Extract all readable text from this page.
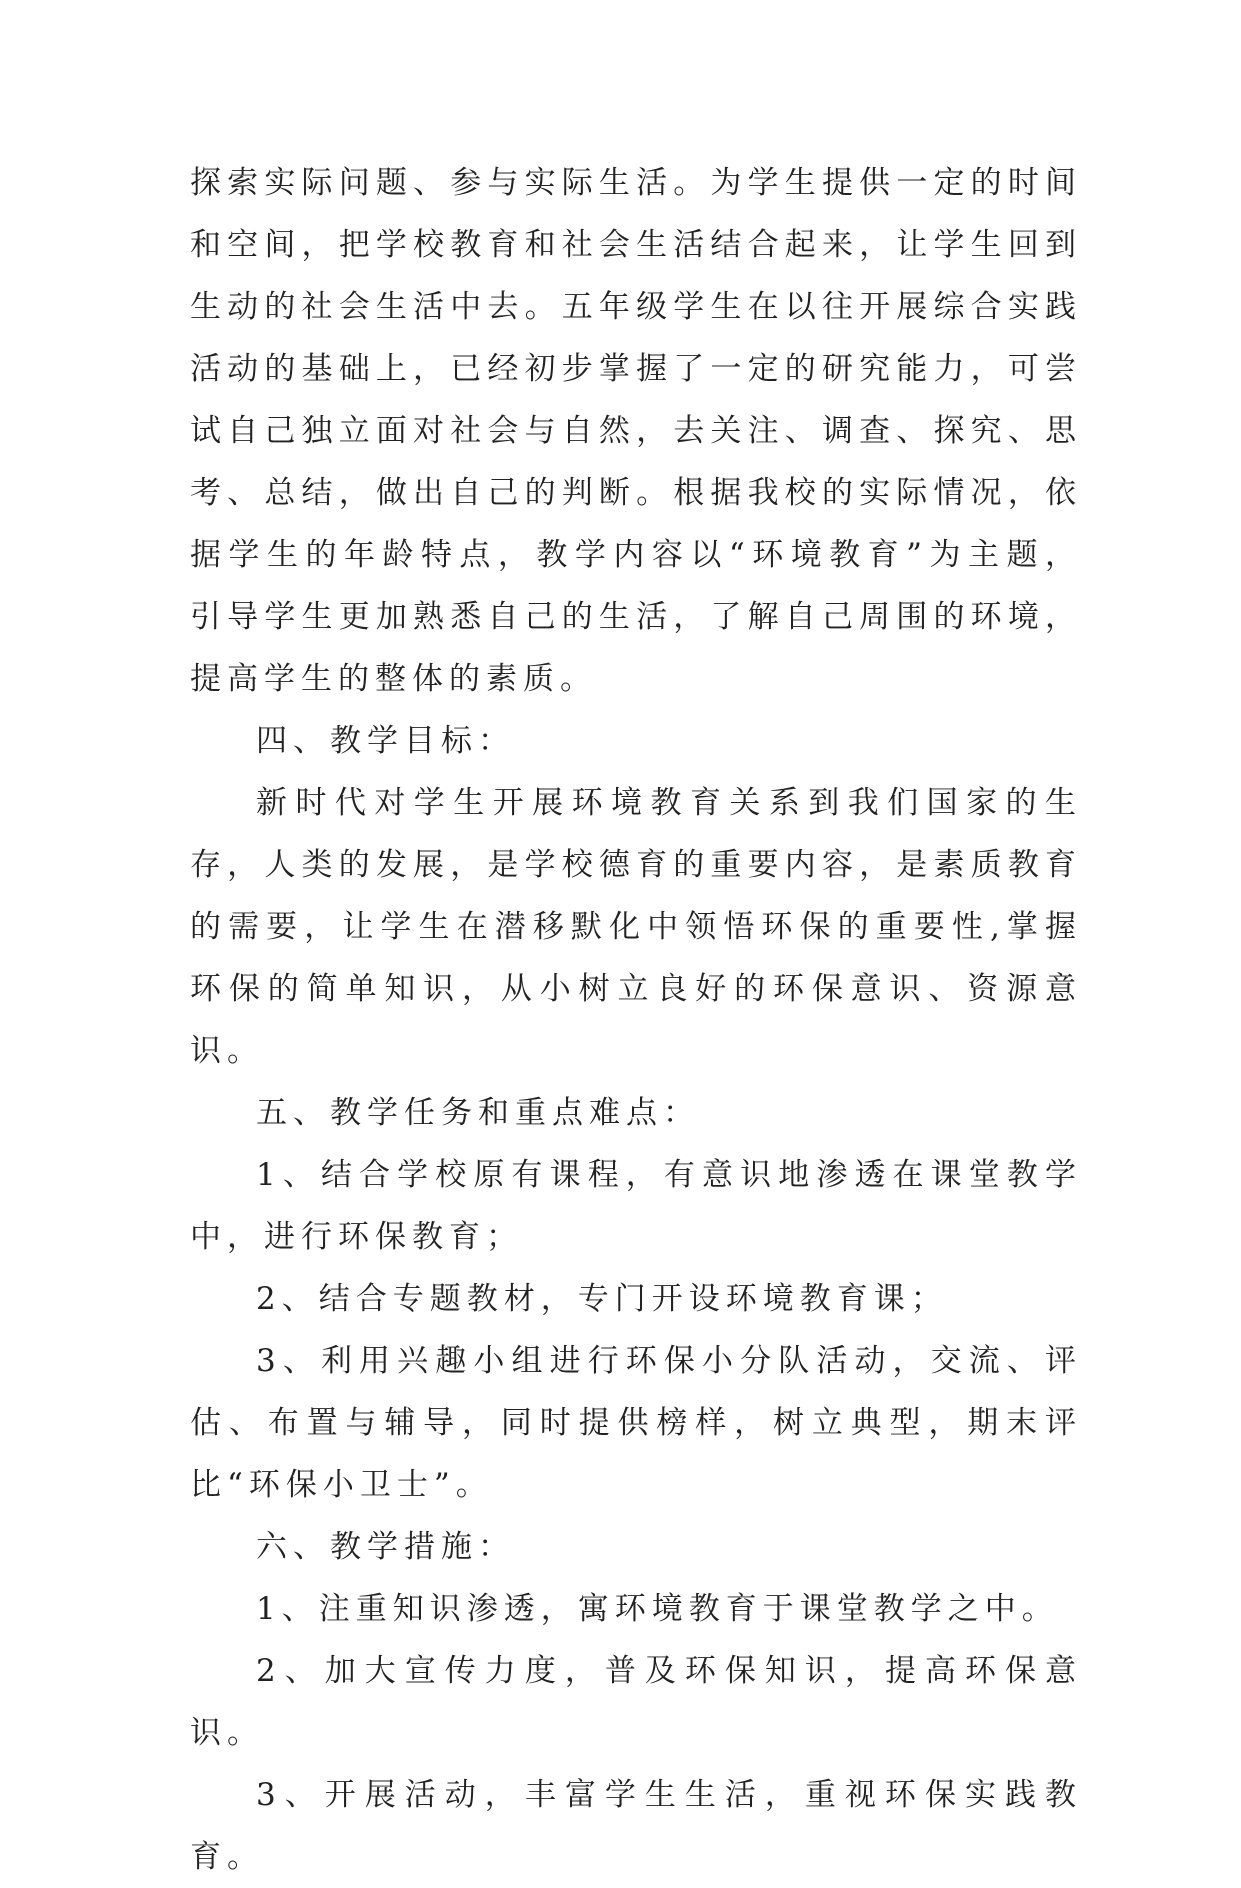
探索实际问题、参与实际生活。为学生提供一定的时间和空间，把学校教育和社会生活结合起来，让学生回到生动的社会生活中去。五年级学生在以往开展综合实践活动的基础上，已经初步掌握了一定的研究能力，可尝试自己独立面对社会与自然，去关注、调查、探究、思考、总结，做出自己的判断。根据我校的实际情况，依据学生的年龄特点，教学内容以“环境教育”为主题，引导学生更加熟悉自己的生活，了解自己周围的环境，提高学生的整体的素质。

四、教学目标：

新时代对学生开展环境教育关系到我们国家的生存，人类的发展，是学校德育的重要内容，是素质教育的需要，让学生在潜移默化中领悟环保的重要性,掌握环保的简单知识，从小树立良好的环保意识、资源意识。

五、教学任务和重点难点：

1、结合学校原有课程，有意识地渗透在课堂教学中，进行环保教育；

2、结合专题教材，专门开设环境教育课；

3、利用兴趣小组进行环保小分队活动，交流、评估、布置与辅导，同时提供榜样，树立典型，期末评比“环保小卫士”。

六、教学措施：

1、注重知识渗透，寓环境教育于课堂教学之中。

2、加大宣传力度，普及环保知识，提高环保意识。

3、开展活动，丰富学生生活，重视环保实践教育。
